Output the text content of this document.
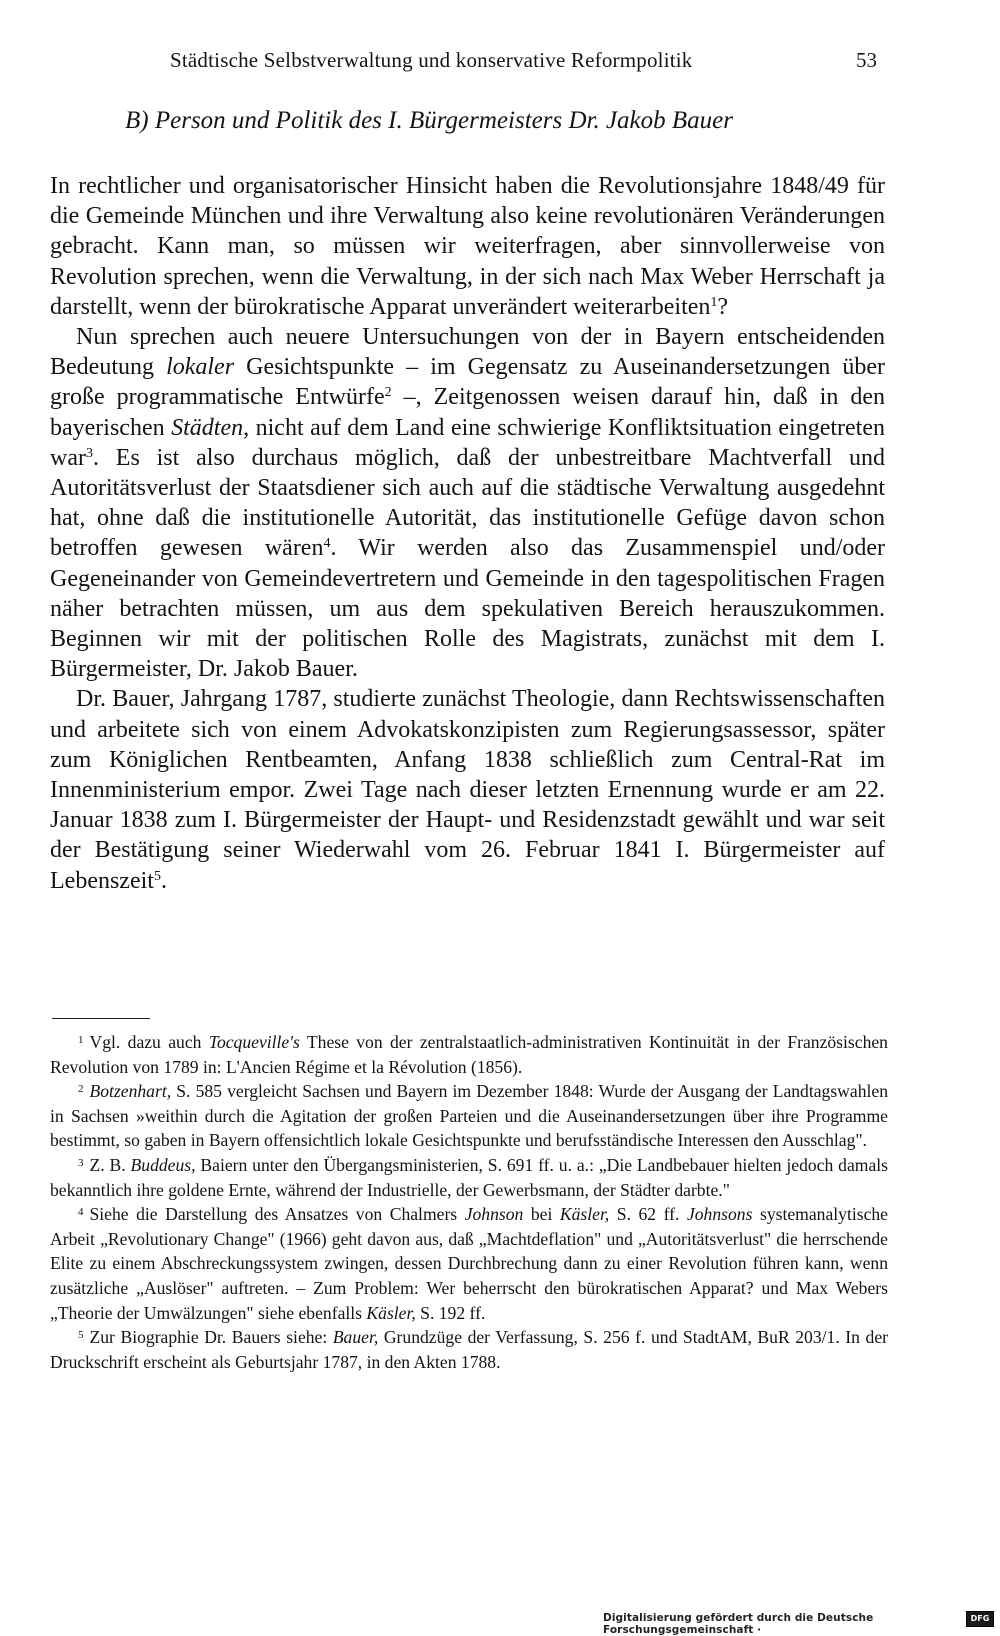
Städtische Selbstverwaltung und konservative Reformpolitik	53
B) Person und Politik des I. Bürgermeisters Dr. Jakob Bauer

In rechtlicher und organisatorischer Hinsicht haben die Revolutionsjahre 1848/49 für die Gemeinde München und ihre Verwaltung also keine revolutionären Veränderungen gebracht. Kann man, so müssen wir weiterfragen, aber sinnvollerweise von Revolution sprechen, wenn die Verwaltung, in der sich nach Max Weber Herrschaft ja darstellt, wenn der bürokratische Apparat unverändert weiterarbeiten$^1$?

Nun sprechen auch neuere Untersuchungen von der in Bayern entscheidenden Bedeutung lokaler Gesichtspunkte – im Gegensatz zu Auseinandersetzungen über große programmatische Entwürfe$^2$ –, Zeitgenossen weisen darauf hin, daß in den bayerischen Städten, nicht auf dem Land eine schwierige Konfliktsituation eingetreten war$^3$. Es ist also durchaus möglich, daß der unbestreitbare Machtverfall und Autoritätsverlust der Staatsdiener sich auch auf die städtische Verwaltung ausgedehnt hat, ohne daß die institutionelle Autorität, das institutionelle Gefüge davon schon betroffen gewesen wären$^4$. Wir werden also das Zusammenspiel und/oder Gegeneinander von Gemeindevertretern und Gemeinde in den tagespolitischen Fragen näher betrachten müssen, um aus dem spekulativen Bereich herauszukommen. Beginnen wir mit der politischen Rolle des Magistrats, zunächst mit dem I. Bürgermeister, Dr. Jakob Bauer.

Dr. Bauer, Jahrgang 1787, studierte zunächst Theologie, dann Rechtswissenschaften und arbeitete sich von einem Advokatskonzipisten zum Regierungsassessor, später zum Königlichen Rentbeamten, Anfang 1838 schließlich zum Central-Rat im Innenministerium empor. Zwei Tage nach dieser letzten Ernennung wurde er am 22. Januar 1838 zum I. Bürgermeister der Haupt- und Residenzstadt gewählt und war seit der Bestätigung seiner Wiederwahl vom 26. Februar 1841 I. Bürgermeister auf Lebenszeit$^5$.

$^1$ Vgl. dazu auch Tocqueville's These von der zentralstaatlich-administrativen Kontinuität in der Französischen Revolution von 1789 in: L'Ancien Régime et la Révolution (1856).

$^2$ Botzenhart, S. 585 vergleicht Sachsen und Bayern im Dezember 1848: Wurde der Ausgang der Landtagswahlen in Sachsen »weithin durch die Agitation der großen Parteien und die Auseinandersetzungen über ihre Programme bestimmt, so gaben in Bayern offensichtlich lokale Gesichtspunkte und berufsständische Interessen den Ausschlag".

$^3$ Z. B. Buddeus, Baiern unter den Übergangsministerien, S. 691 ff. u. a.: „Die Landbebauer hielten jedoch damals bekanntlich ihre goldene Ernte, während der Industrielle, der Gewerbsmann, der Städter darbte."

$^4$ Siehe die Darstellung des Ansatzes von Chalmers Johnson bei Käsler, S. 62 ff. Johnsons systemanalytische Arbeit „Revolutionary Change" (1966) geht davon aus, daß „Machtdeflation" und „Autoritätsverlust" die herrschende Elite zu einem Abschreckungssystem zwingen, dessen Durchbrechung dann zu einer Revolution führen kann, wenn zusätzliche „Auslöser" auftreten. – Zum Problem: Wer beherrscht den bürokratischen Apparat? und Max Webers „Theorie der Umwälzungen" siehe ebenfalls Käsler, S. 192 ff.

$^5$ Zur Biographie Dr. Bauers siehe: Bauer, Grundzüge der Verfassung, S. 256 f. und StadtAM, BuR 203/1. In der Druckschrift erscheint als Geburtsjahr 1787, in den Akten 1788.

Digitalisierung gefördert durch die Deutsche Forschungsgemeinschaft ·
DFG
